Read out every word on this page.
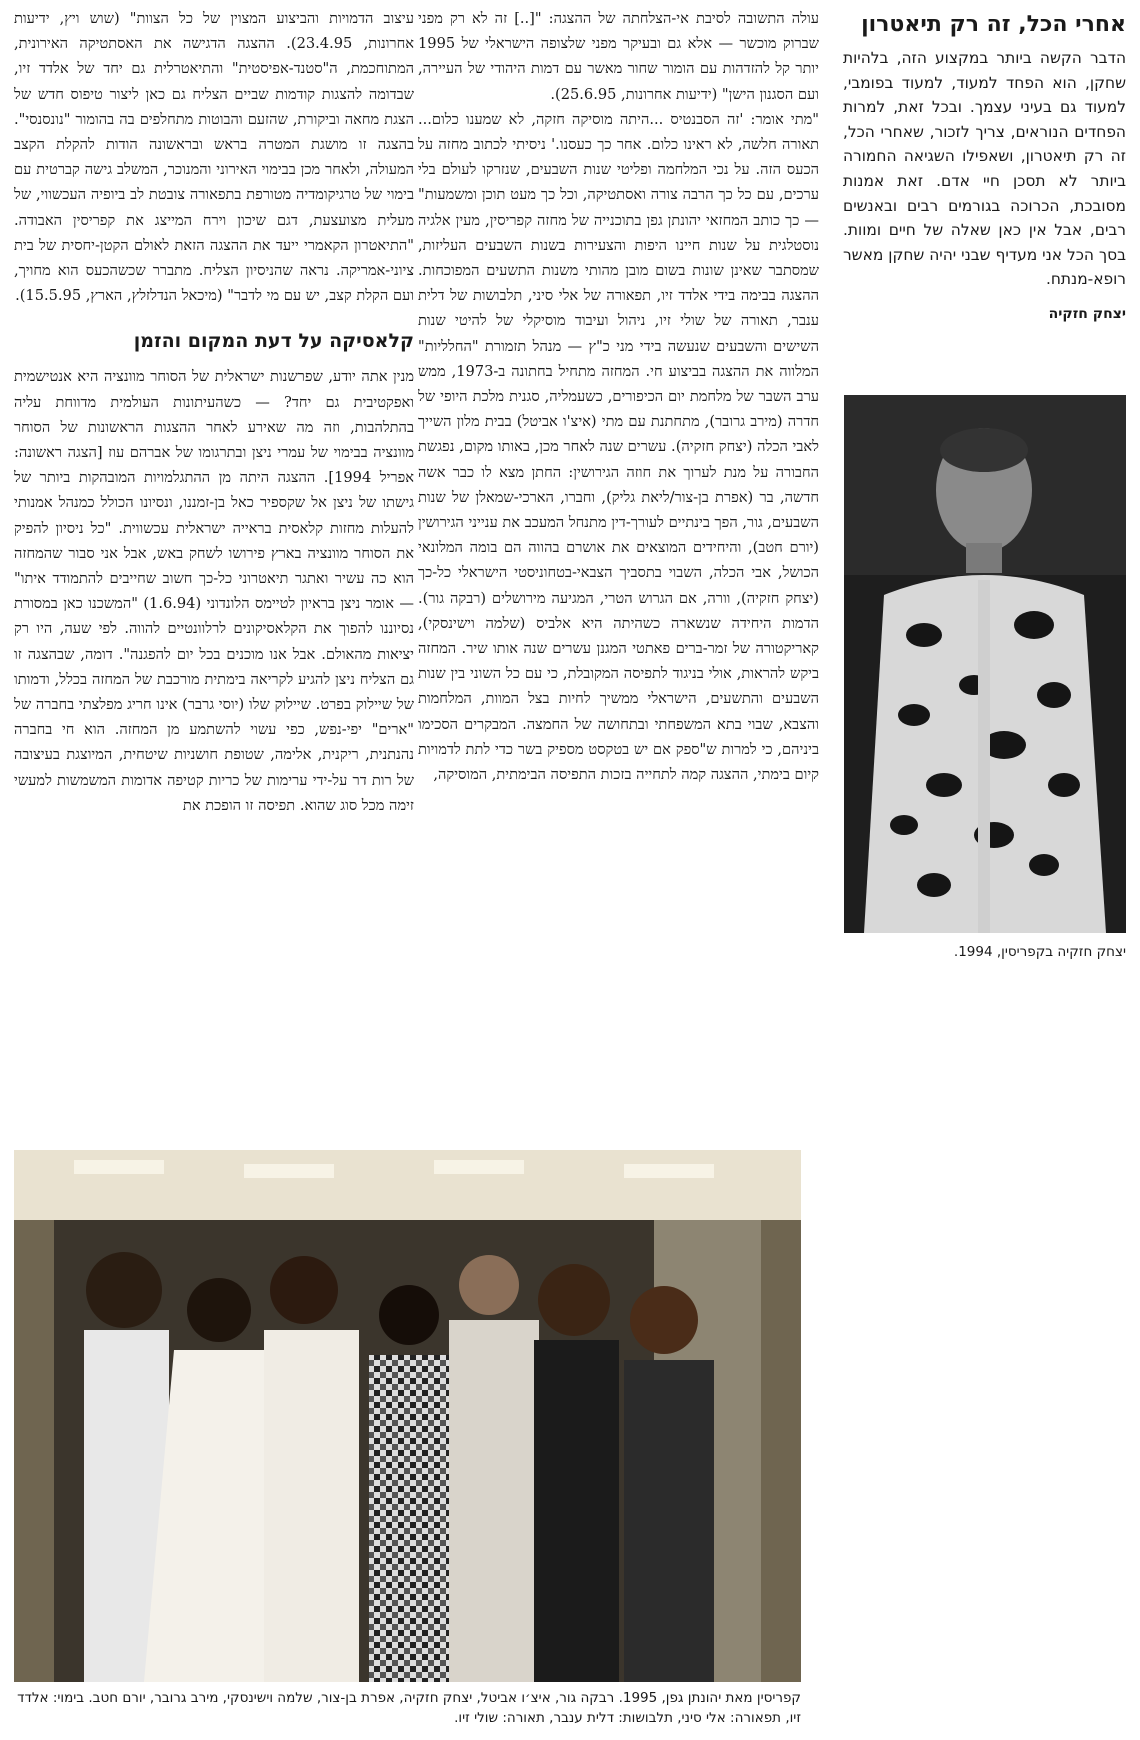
אחרי הכל, זה רק תיאטרון

הדבר הקשה ביותר במקצוע הזה, בלהיות שחקן, הוא הפחד למעוד, למעוד בפומבי, למעוד גם בעיני עצמך. ובכל זאת, למרות הפחדים הנוראים, צריך לזכור, שאחרי הכל, זה רק תיאטרון, ושאפילו השגיאה החמורה ביותר לא תסכן חיי אדם. זאת אמנות מסובכת, הכרוכה בגורמים רבים ובאנשים רבים, אבל אין כאן שאלה של חיים ומוות. בסך הכל אני מעדיף שבני יהיה שחקן מאשר רופא-מנתח.

יצחק חזקיה
יצחק חזקיה בקפריסין, 1994.

עולה התשובה לסיבת אי-הצלחתה של ההצגה: "[..] זה לא רק מפני שברוק מוכשר — אלא גם ובעיקר מפני שלצופה הישראלי של 1995 יותר קל להזדהות עם הומור שחור מאשר עם דמות היהודי של העיירה, ועם הסגנון הישן" (ידיעות אחרונות, 25.6.95).

"מתי אומר: 'זה הסבנטיס ...היתה מוסיקה חזקה, לא שמענו כלום... תאורה חלשה, לא ראינו כלום. אחר כך כעסנו.' ניסיתי לכתוב מחזה על הכעס הזה. על נכי המלחמה ופליטי שנות השבעים, שנזרקו לעולם בלי ערכים, עם כל כך הרבה צורה ואסתטיקה, וכל כך מעט תוכן ומשמעות" — כך כותב המחזאי יהונתן גפן בתוכנייה של מחזה קפריסין, מעין אלגיה נוסטלגית על שנות חיינו היפות והצעירות בשנות השבעים העליזות, שמסתבר שאינן שונות בשום מובן מהותי משנות התשעים המפוכחות. ההצגה בבימה בידי אלדד זיו, תפאורה של אלי סיני, תלבושות של דלית ענבר, תאורה של שולי זיו, ניהול ועיבוד מוסיקלי של להיטי שנות השישים והשבעים שנעשה בידי מני כ"ץ — מנהל תזמורת "החלליות" המלווה את ההצגה בביצוע חי. המחזה מתחיל בחתונה ב-1973, ממש ערב השבר של מלחמת יום הכיפורים, כשעמליה, סגנית מלכת היופי של חדרה (מירב גרובר), מתחתנת עם מתי (איצ'ו אביטל) בבית מלון השייך לאבי הכלה (יצחק חזקיה). עשרים שנה לאחר מכן, באותו מקום, נפגשת החבורה על מנת לערוך את חוזה הגירושין: החתן מצא לו כבר אשה חדשה, בר (אפרת בן-צור/ליאת גליק), וחברו, הארכי-שמאלן של שנות השבעים, גור, הפך בינתיים לעורך-דין מתנחל המעכב את ענייני הגירושין (יורם חטב), והיחידים המוצאים את אושרם בהווה הם בומה המלונאי הכושל, אבי הכלה, השבוי בתסביך הצבאי-בטחוניסטי הישראלי כל-כך (יצחק חזקיה), וורה, אם הגרוש הטרי, המגיעה מירושלים (רבקה גור). הדמות היחידה שנשארה כשהיתה היא אלביס (שלמה וישינסקי), קאריקטורה של זמר-ברים פאתטי המגנן עשרים שנה אותו שיר. המחזה ביקש להראות, אולי בניגוד לתפיסה המקובלת, כי עם כל השוני בין שנות השבעים והתשעים, הישראלי ממשיך לחיות בצל המוות, המלחמות והצבא, שבוי בתא המשפחתי ובתחושה של החמצה. המבקרים הסכימו ביניהם, כי למרות ש"ספק אם יש בטקסט מספיק בשר כדי לתת לדמויות קיום בימתי, ההצגה קמה לתחייה בזכות התפיסה הבימתית, המוסיקה,

עיצוב הדמויות והביצוע המצוין של כל הצוות" (שוש ויץ, ידיעות אחרונות, 23.4.95). ההצגה הדגישה את האסתטיקה האירונית, המתוחכמת, ה"סטנד-אפיסטית" והתיאטרלית גם יחד של אלדד זיו, שבדומה להצגות קודמות שביים הצליח גם כאן ליצור טיפוס חדש של הצגת מחאה וביקורת, שהזעם והבוטות מתחלפים בה בהומור "נונסנסי". בהצגה זו מושגת המטרה בראש ובראשונה הודות להקלת הקצב המעולה, ולאחר מכן בבימוי האירוני והמנוכר, המשלב גישה קברטית עם בימוי של טרגיקומדיה מטורפת בתפאורה צובטת לב ביופיה העכשווי, של מעלית מצועצעת, דגם שיכון וירח המייצג את קפריסין האבודה. "התיאטרון הקאמרי ייעד את ההצגה הזאת לאולם הקטן-יחסית של בית ציוני-אמריקה. נראה שהניסיון הצליח. מתברר שכשהכעס הוא מחויך, ועם הקלת קצב, יש עם מי לדבר" (מיכאל הנדלזלץ, הארץ, 15.5.95).

קלאסיקה על דעת המקום והזמן

מנין אתה יודע, שפרשנות ישראלית של הסוחר מוונציה היא אנטישמית ואפקטיבית גם יחד? — כשהעיתונות העולמית מדווחת עליה בהתלהבות, וזה מה שאירע לאחר ההצגות הראשונות של הסוחר מוונציה בבימוי של עמרי ניצן ובתרגומו של אברהם עוז [הצגה ראשונה: אפריל 1994]. ההצגה היתה מן ההתגלמויות המובהקות ביותר של גישתו של ניצן אל שקספיר כאל בן-זמננו, ונסיונו הכולל כמנהל אמנותי להעלות מחזות קלאסית בראייה ישראלית עכשווית. "כל ניסיון להפיק את הסוחר מוונציה בארץ פירושו לשחק באש, אבל אני סבור שהמחזה הוא כה עשיר ואתגר תיאטרוני כל-כך חשוב שחייבים להתמודד איתו" — אומר ניצן בראיון לטיימס הלונדוני (1.6.94) "המשכנו כאן במסורת נסיוננו להפוך את הקלאסיקונים לרלוונטיים להווה. לפי שעה, היו רק יציאות מהאולם. אבל אנו מוכנים בכל יום להפגנה". דומה, שבהצגה זו גם הצליח ניצן להגיע לקריאה בימתית מורכבת של המחזה בכלל, ודמותו של שיילוק בפרט. שיילוק שלו (יוסי גרבר) אינו חריג מפלצתי בחברה של "ארים" יפי-נפש, כפי עשוי להשתמע מן המחזה. הוא חי בחברה נהנתנית, ריקנית, אלימה, שטופת חושניות שיטחית, המיוצגת בעיצובה של רות דר על-ידי ערימות של כריות קטיפה אדומות המשמשות למעשי זימה מכל סוג שהוא. תפיסה זו הופכת את

קפריסין מאת יהונתן גפן, 1995. רבקה גור, איצ׳ו אביטל, יצחק חזקיה, אפרת בן-צור, שלמה וישינסקי, מירב גרובר, יורם חטב. בימוי: אלדד זיו, תפאורה: אלי סיני, תלבושות: דלית ענבר, תאורה: שולי זיו.
